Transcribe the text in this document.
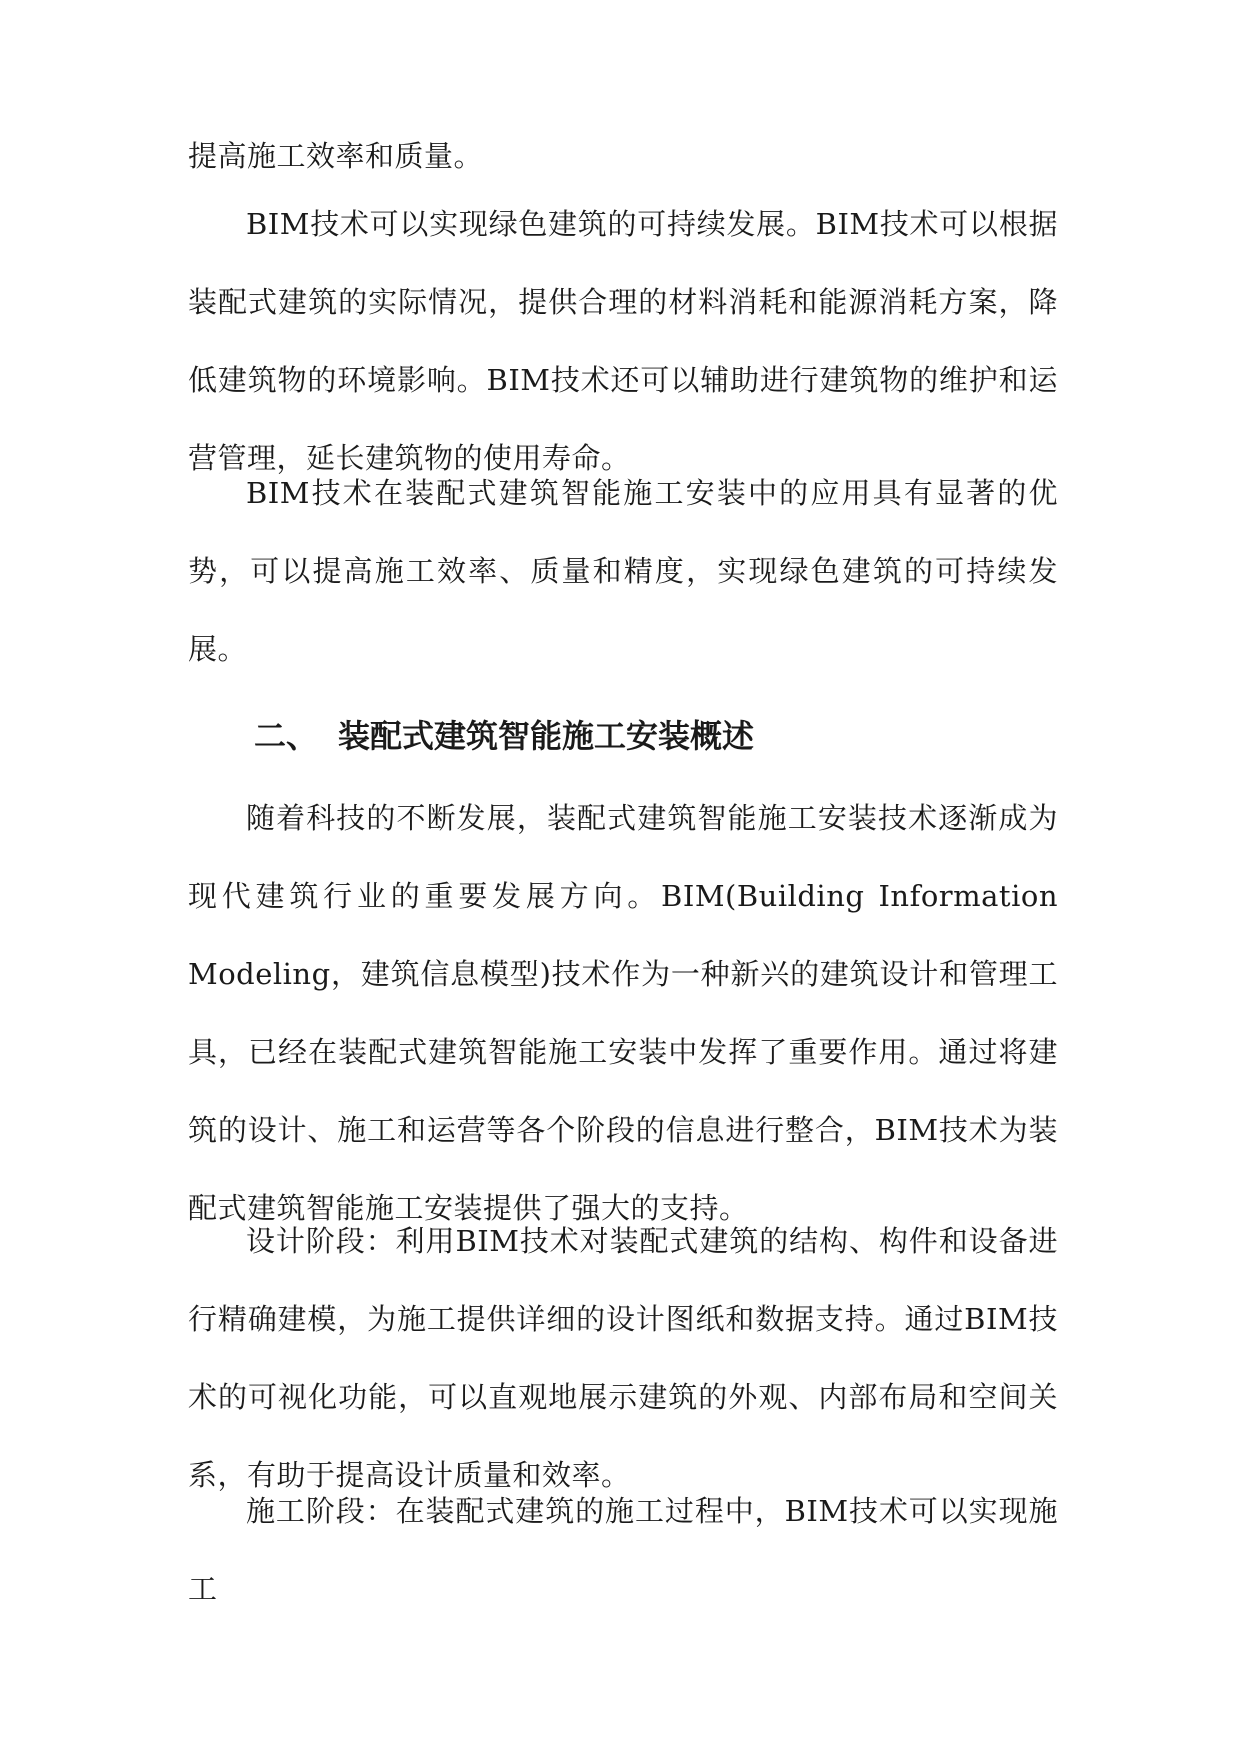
提高施工效率和质量。

BIM技术可以实现绿色建筑的可持续发展。BIM技术可以根据装配式建筑的实际情况，提供合理的材料消耗和能源消耗方案，降低建筑物的环境影响。BIM技术还可以辅助进行建筑物的维护和运营管理，延长建筑物的使用寿命。

BIM技术在装配式建筑智能施工安装中的应用具有显著的优势，可以提高施工效率、质量和精度，实现绿色建筑的可持续发展。

二、 装配式建筑智能施工安装概述

随着科技的不断发展，装配式建筑智能施工安装技术逐渐成为现代建筑行业的重要发展方向。BIM(Building Information Modeling，建筑信息模型)技术作为一种新兴的建筑设计和管理工具，已经在装配式建筑智能施工安装中发挥了重要作用。通过将建筑的设计、施工和运营等各个阶段的信息进行整合，BIM技术为装配式建筑智能施工安装提供了强大的支持。

设计阶段：利用BIM技术对装配式建筑的结构、构件和设备进行精确建模，为施工提供详细的设计图纸和数据支持。通过BIM技术的可视化功能，可以直观地展示建筑的外观、内部布局和空间关系，有助于提高设计质量和效率。

施工阶段：在装配式建筑的施工过程中，BIM技术可以实现施工
